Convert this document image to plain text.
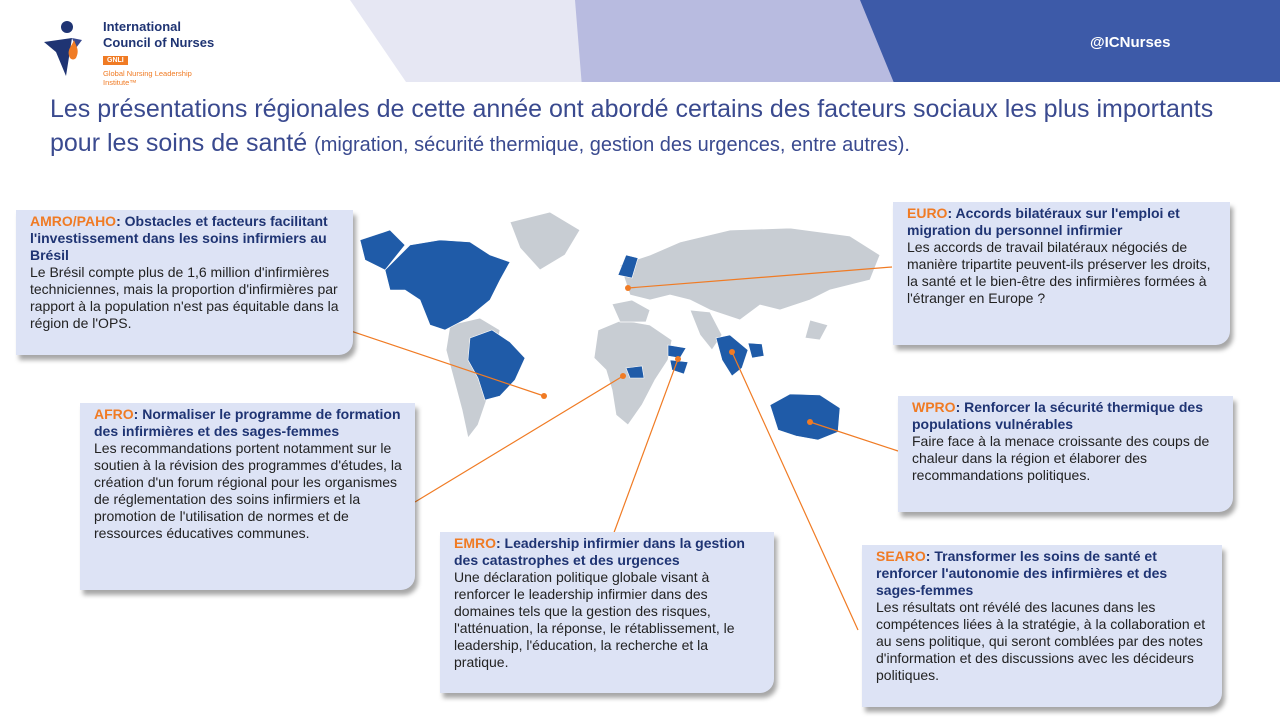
@ICNurses
International
Council of Nurses
GNLI
Global Nursing Leadership Institute™
Les présentations régionales de cette année ont abordé certains des facteurs sociaux les plus importants pour les soins de santé (migration, sécurité thermique, gestion des urgences, entre autres).
AMRO/PAHO: Obstacles et facteurs facilitant l'investissement dans les soins infirmiers au Brésil
Le Brésil compte plus de 1,6 million d'infirmières techniciennes, mais la proportion d'infirmières par rapport à la population n'est pas équitable dans la région de l'OPS.
EURO: Accords bilatéraux sur l'emploi et migration du personnel infirmier
Les accords de travail bilatéraux négociés de manière tripartite peuvent-ils préserver les droits, la santé et le bien-être des infirmières formées à l'étranger en Europe ?
AFRO: Normaliser le programme de formation des infirmières et des sages-femmes
Les recommandations portent notamment sur le soutien à la révision des programmes d'études, la création d'un forum régional pour les organismes de réglementation des soins infirmiers et la promotion de l'utilisation de normes et de ressources éducatives communes.
WPRO: Renforcer la sécurité thermique des populations vulnérables
Faire face à la menace croissante des coups de chaleur dans la région et élaborer des recommandations politiques.
EMRO: Leadership infirmier dans la gestion des catastrophes et des urgences
Une déclaration politique globale visant à renforcer le leadership infirmier dans des domaines tels que la gestion des risques, l'atténuation, la réponse, le rétablissement, le leadership, l'éducation, la recherche et la pratique.
SEARO: Transformer les soins de santé et renforcer l'autonomie des infirmières et des sages-femmes
Les résultats ont révélé des lacunes dans les compétences liées à la stratégie, à la collaboration et au sens politique, qui seront comblées par des notes d'information et des discussions avec les décideurs politiques.
